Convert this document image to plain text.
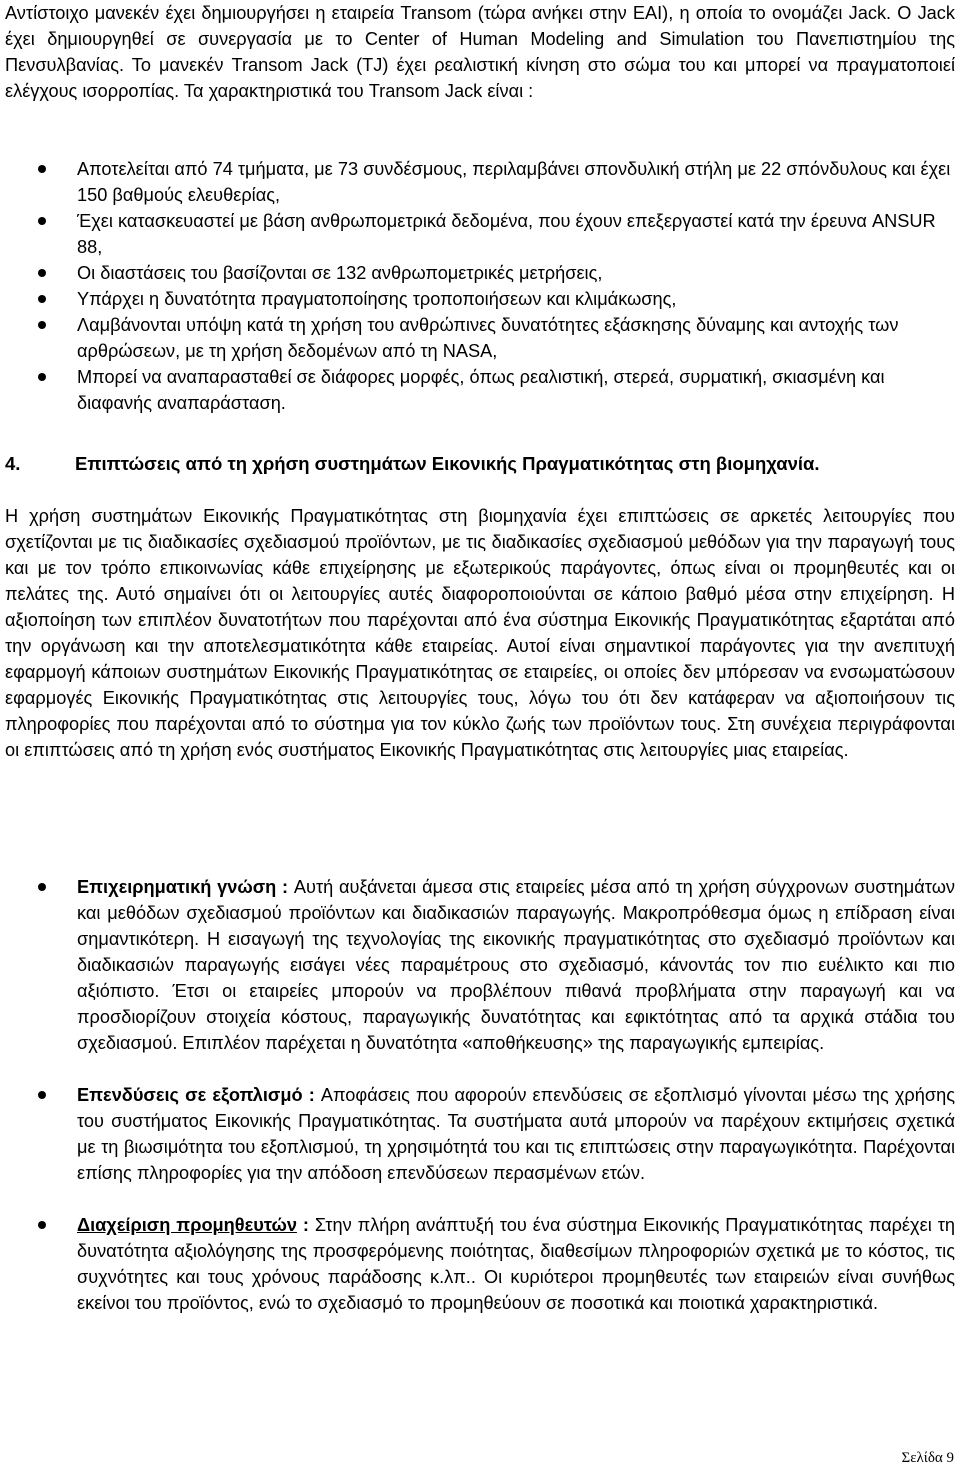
Αντίστοιχο μανεκέν έχει δημιουργήσει η εταιρεία Transom (τώρα ανήκει στην EAI), η οποία το ονομάζει Jack. Ο Jack έχει δημιουργηθεί σε συνεργασία με το Center of Human Modeling and Simulation του Πανεπιστημίου της Πενσυλβανίας. Το μανεκέν Transom Jack (TJ) έχει ρεαλιστική κίνηση στο σώμα του και μπορεί να πραγματοποιεί ελέγχους ισορροπίας. Τα χαρακτηριστικά του Transom Jack είναι :

Αποτελείται από 74 τμήματα, με 73 συνδέσμους, περιλαμβάνει σπονδυλική στήλη με 22 σπόνδυλους και έχει 150 βαθμούς ελευθερίας,
Έχει κατασκευαστεί με βάση ανθρωπομετρικά δεδομένα, που έχουν επεξεργαστεί κατά την έρευνα ANSUR 88,
Οι διαστάσεις του βασίζονται σε 132 ανθρωπομετρικές μετρήσεις,
Υπάρχει η δυνατότητα πραγματοποίησης τροποποιήσεων και κλιμάκωσης,
Λαμβάνονται υπόψη κατά τη χρήση του ανθρώπινες δυνατότητες εξάσκησης δύναμης και αντοχής των αρθρώσεων, με τη χρήση δεδομένων από τη NASA,
Μπορεί να αναπαρασταθεί σε διάφορες μορφές, όπως ρεαλιστική, στερεά, συρματική, σκιασμένη και διαφανής αναπαράσταση.
4.	Επιπτώσεις από τη χρήση συστημάτων Εικονικής Πραγματικότητας στη βιομηχανία.

Η χρήση συστημάτων Εικονικής Πραγματικότητας στη βιομηχανία έχει επιπτώσεις σε αρκετές λειτουργίες που σχετίζονται με τις διαδικασίες σχεδιασμού προϊόντων, με τις διαδικασίες σχεδιασμού μεθόδων για την παραγωγή τους και με τον τρόπο επικοινωνίας κάθε επιχείρησης με εξωτερικούς παράγοντες, όπως είναι οι προμηθευτές και οι πελάτες της. Αυτό σημαίνει ότι οι λειτουργίες αυτές διαφοροποιούνται σε κάποιο βαθμό μέσα στην επιχείρηση. Η αξιοποίηση των επιπλέον δυνατοτήτων που παρέχονται από ένα σύστημα Εικονικής Πραγματικότητας εξαρτάται από την οργάνωση και την αποτελεσματικότητα κάθε εταιρείας. Αυτοί είναι σημαντικοί παράγοντες για την ανεπιτυχή εφαρμογή κάποιων συστημάτων Εικονικής Πραγματικότητας σε εταιρείες, οι οποίες δεν μπόρεσαν να ενσωματώσουν εφαρμογές Εικονικής Πραγματικότητας στις λειτουργίες τους, λόγω του ότι δεν κατάφεραν να αξιοποιήσουν τις πληροφορίες που παρέχονται από το σύστημα για τον κύκλο ζωής των προϊόντων τους. Στη συνέχεια περιγράφονται οι επιπτώσεις από τη χρήση ενός συστήματος Εικονικής Πραγματικότητας στις λειτουργίες μιας εταιρείας.

Επιχειρηματική γνώση : Αυτή αυξάνεται άμεσα στις εταιρείες μέσα από τη χρήση σύγχρονων συστημάτων και μεθόδων σχεδιασμού προϊόντων και διαδικασιών παραγωγής. Μακροπρόθεσμα όμως η επίδραση είναι σημαντικότερη. Η εισαγωγή της τεχνολογίας της εικονικής πραγματικότητας στο σχεδιασμό προϊόντων και διαδικασιών παραγωγής εισάγει νέες παραμέτρους στο σχεδιασμό, κάνοντάς τον πιο ευέλικτο και πιο αξιόπιστο. Έτσι οι εταιρείες μπορούν να προβλέπουν πιθανά προβλήματα στην παραγωγή και να προσδιορίζουν στοιχεία κόστους, παραγωγικής δυνατότητας και εφικτότητας από τα αρχικά στάδια του σχεδιασμού. Επιπλέον παρέχεται η δυνατότητα «αποθήκευσης» της παραγωγικής εμπειρίας.
Επενδύσεις σε εξοπλισμό : Αποφάσεις που αφορούν επενδύσεις σε εξοπλισμό γίνονται μέσω της χρήσης του συστήματος Εικονικής Πραγματικότητας. Τα συστήματα αυτά μπορούν να παρέχουν εκτιμήσεις σχετικά με τη βιωσιμότητα του εξοπλισμού, τη χρησιμότητά του και τις επιπτώσεις στην παραγωγικότητα. Παρέχονται επίσης πληροφορίες για την απόδοση επενδύσεων περασμένων ετών.
Διαχείριση προμηθευτών : Στην πλήρη ανάπτυξή του ένα σύστημα Εικονικής Πραγματικότητας παρέχει τη δυνατότητα αξιολόγησης της προσφερόμενης ποιότητας, διαθεσίμων πληροφοριών σχετικά με το κόστος, τις συχνότητες και τους χρόνους παράδοσης κ.λπ.. Οι κυριότεροι προμηθευτές των εταιρειών είναι συνήθως εκείνοι του προϊόντος, ενώ το σχεδιασμό το προμηθεύουν σε ποσοτικά και ποιοτικά χαρακτηριστικά.
Σελίδα 9
